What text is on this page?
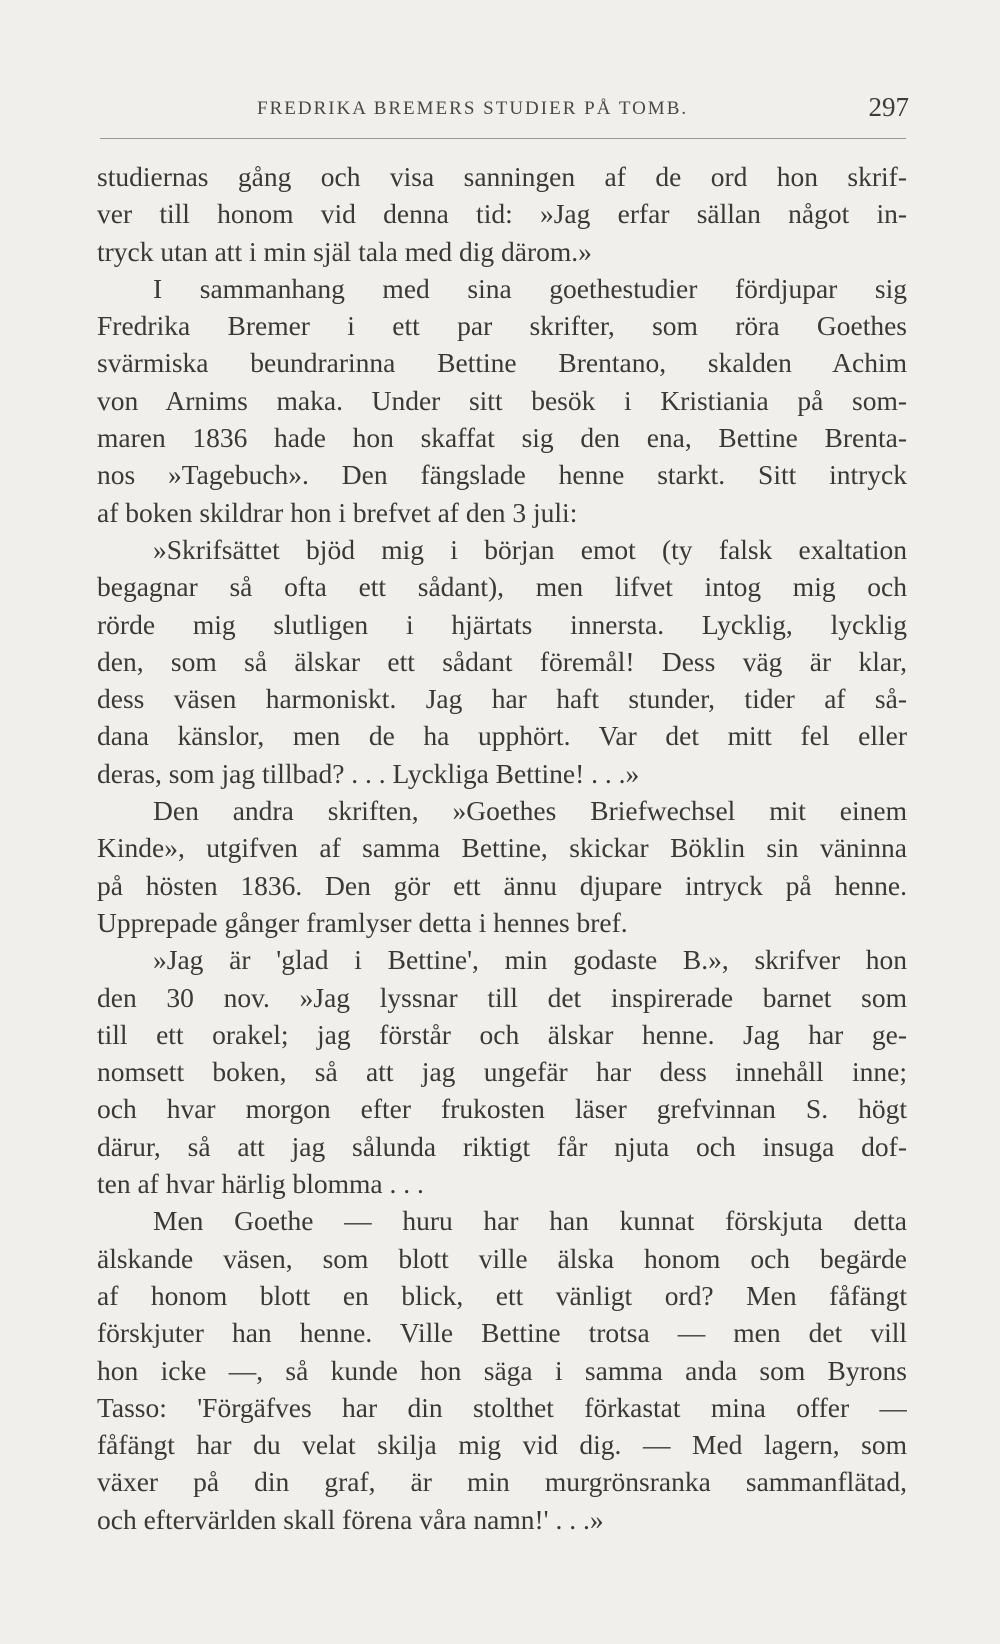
FREDRIKA BREMERS STUDIER PÅ TOMB.	297
studiernas gång och visa sanningen af de ord hon skrif-
ver till honom vid denna tid: »Jag erfar sällan något in-
tryck utan att i min själ tala med dig därom.»
I sammanhang med sina goethestudier fördjupar sig
Fredrika Bremer i ett par skrifter, som röra Goethes
svärmiska beundrarinna Bettine Brentano, skalden Achim
von Arnims maka. Under sitt besök i Kristiania på som-
maren 1836 hade hon skaffat sig den ena, Bettine Brenta-
nos »Tagebuch». Den fängslade henne starkt. Sitt intryck
af boken skildrar hon i brefvet af den 3 juli:
»Skrifsättet bjöd mig i början emot (ty falsk exaltation
begagnar så ofta ett sådant), men lifvet intog mig och
rörde mig slutligen i hjärtats innersta. Lycklig, lycklig
den, som så älskar ett sådant föremål! Dess väg är klar,
dess väsen harmoniskt. Jag har haft stunder, tider af så-
dana känslor, men de ha upphört. Var det mitt fel eller
deras, som jag tillbad? . . . Lyckliga Bettine! . . .»
Den andra skriften, »Goethes Briefwechsel mit einem
Kinde», utgifven af samma Bettine, skickar Böklin sin väninna
på hösten 1836. Den gör ett ännu djupare intryck på henne.
Upprepade gånger framlyser detta i hennes bref.
»Jag är 'glad i Bettine', min godaste B.», skrifver hon
den 30 nov. »Jag lyssnar till det inspirerade barnet som
till ett orakel; jag förstår och älskar henne. Jag har ge-
nomsett boken, så att jag ungefär har dess innehåll inne;
och hvar morgon efter frukosten läser grefvinnan S. högt
därur, så att jag sålunda riktigt får njuta och insuga dof-
ten af hvar härlig blomma . . .
Men Goethe — huru har han kunnat förskjuta detta
älskande väsen, som blott ville älska honom och begärde
af honom blott en blick, ett vänligt ord? Men fåfängt
förskjuter han henne. Ville Bettine trotsa — men det vill
hon icke —, så kunde hon säga i samma anda som Byrons
Tasso: 'Förgäfves har din stolthet förkastat mina offer —
fåfängt har du velat skilja mig vid dig. — Med lagern, som
växer på din graf, är min murgrönsranka sammanflätad,
och eftervärlden skall förena våra namn!' . . .»
